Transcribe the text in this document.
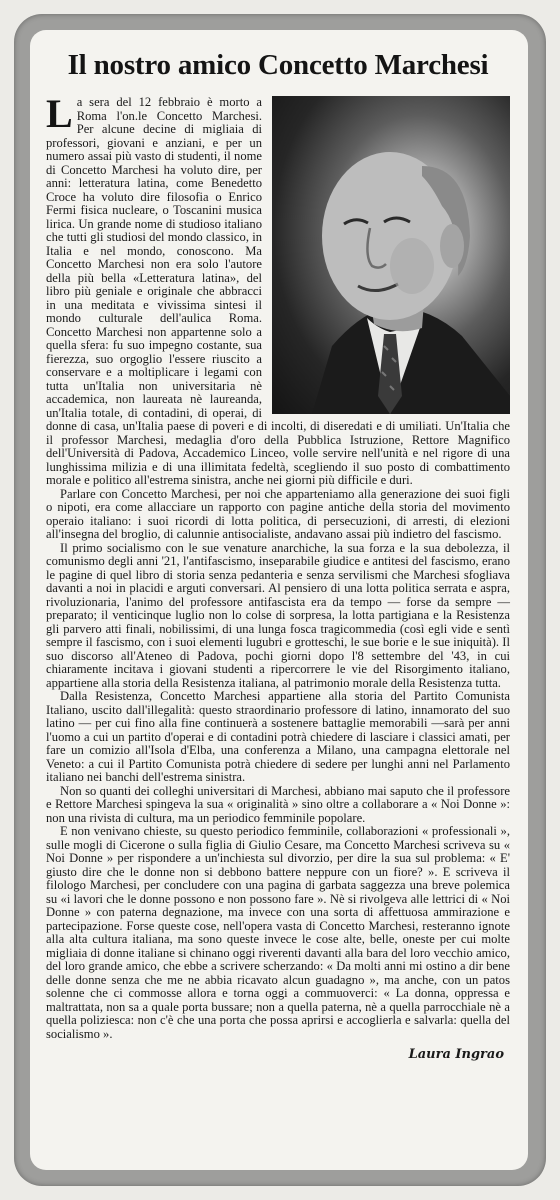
Il nostro amico Concetto Marchesi

La sera del 12 febbraio è morto a Roma l'on.le Concetto Marchesi. Per alcune decine di migliaia di professori, giovani e anziani, e per un numero assai più vasto di studenti, il nome di Concetto Marchesi ha voluto dire, per anni: letteratura latina, come Benedetto Croce ha voluto dire filosofia o Enrico Fermi fisica nucleare, o Toscanini musica lirica. Un grande nome di studioso italiano che tutti gli studiosi del mondo classico, in Italia e nel mondo, conoscono. Ma Concetto Marchesi non era solo l'autore della più bella «Letteratura latina», del libro più geniale e originale che abbracci in una meditata e vivissima sintesi il mondo culturale dell'aulica Roma. Concetto Marchesi non appartenne solo a quella sfera: fu suo impegno costante, sua fierezza, suo orgoglio l'essere riuscito a conservare e a moltiplicare i legami con tutta un'Italia non universitaria nè accademica, non laureata nè laureanda, un'Italia totale, di contadini, di operai, di donne di casa, un'Italia paese di poveri e di incolti, di diseredati e di umiliati. Un'Italia che il professor Marchesi, medaglia d'oro della Pubblica Istruzione, Rettore Magnifico dell'Università di Padova, Accademico Linceo, volle servire nell'unità e nel rigore di una lunghissima milizia e di una illimitata fedeltà, scegliendo il suo posto di combattimento morale e politico all'estrema sinistra, anche nei giorni più difficile e duri.

Parlare con Concetto Marchesi, per noi che apparteniamo alla generazione dei suoi figli o nipoti, era come allacciare un rapporto con pagine antiche della storia del movimento operaio italiano: i suoi ricordi di lotta politica, di persecuzioni, di arresti, di elezioni all'insegna del broglio, di calunnie antisocialiste, andavano assai più indietro del fascismo.

Il primo socialismo con le sue venature anarchiche, la sua forza e la sua debolezza, il comunismo degli anni '21, l'antifascismo, inseparabile giudice e antitesi del fascismo, erano le pagine di quel libro di storia senza pedanteria e senza servilismi che Marchesi sfogliava davanti a noi in placidi e arguti conversari. Al pensiero di una lotta politica serrata e aspra, rivoluzionaria, l'animo del professore antifascista era da tempo — forse da sempre — preparato; il venticinque luglio non lo colse di sorpresa, la lotta partigiana e la Resistenza gli parvero atti finali, nobilissimi, di una lunga fosca tragicommedia (così egli vide e sentì sempre il fascismo, con i suoi elementi lugubri e grotteschi, le sue borie e le sue iniquità). Il suo discorso all'Ateneo di Padova, pochi giorni dopo l'8 settembre del '43, in cui chiaramente incitava i giovani studenti a ripercorrere le vie del Risorgimento italiano, appartiene alla storia della Resistenza italiana, al patrimonio morale della Resistenza tutta.

Dalla Resistenza, Concetto Marchesi appartiene alla storia del Partito Comunista Italiano, uscito dall'illegalità: questo straordinario professore di latino, innamorato del suo latino — per cui fino alla fine continuerà a sostenere battaglie memorabili —sarà per anni l'uomo a cui un partito d'operai e di contadini potrà chiedere di lasciare i classici amati, per fare un comizio all'Isola d'Elba, una conferenza a Milano, una campagna elettorale nel Veneto: a cui il Partito Comunista potrà chiedere di sedere per lunghi anni nel Parlamento italiano nei banchi dell'estrema sinistra.

Non so quanti dei colleghi universitari di Marchesi, abbiano mai saputo che il professore e Rettore Marchesi spingeva la sua « originalità » sino oltre a collaborare a « Noi Donne »: non una rivista di cultura, ma un periodico femminile popolare.

E non venivano chieste, su questo periodico femminile, collaborazioni « professionali », sulle mogli di Cicerone o sulla figlia di Giulio Cesare, ma Concetto Marchesi scriveva su « Noi Donne » per rispondere a un'inchiesta sul divorzio, per dire la sua sul problema: « E' giusto dire che le donne non si debbono battere neppure con un fiore? ». E scriveva il filologo Marchesi, per concludere con una pagina di garbata saggezza una breve polemica su «i lavori che le donne possono e non possono fare ». Nè si rivolgeva alle lettrici di « Noi Donne » con paterna degnazione, ma invece con una sorta di affettuosa ammirazione e partecipazione. Forse queste cose, nell'opera vasta di Concetto Marchesi, resteranno ignote alla alta cultura italiana, ma sono queste invece le cose alte, belle, oneste per cui molte migliaia di donne italiane si chinano oggi riverenti davanti alla bara del loro vecchio amico, del loro grande amico, che ebbe a scrivere scherzando: « Da molti anni mi ostino a dir bene delle donne senza che me ne abbia ricavato alcun guadagno », ma anche, con un patos solenne che ci commosse allora e torna oggi a commuoverci: « La donna, oppressa e maltrattata, non sa a quale porta bussare; non a quella paterna, nè a quella parrocchiale nè a quella poliziesca: non c'è che una porta che possa aprirsi e accoglierla e salvarla: quella del socialismo ».

Laura Ingrao
